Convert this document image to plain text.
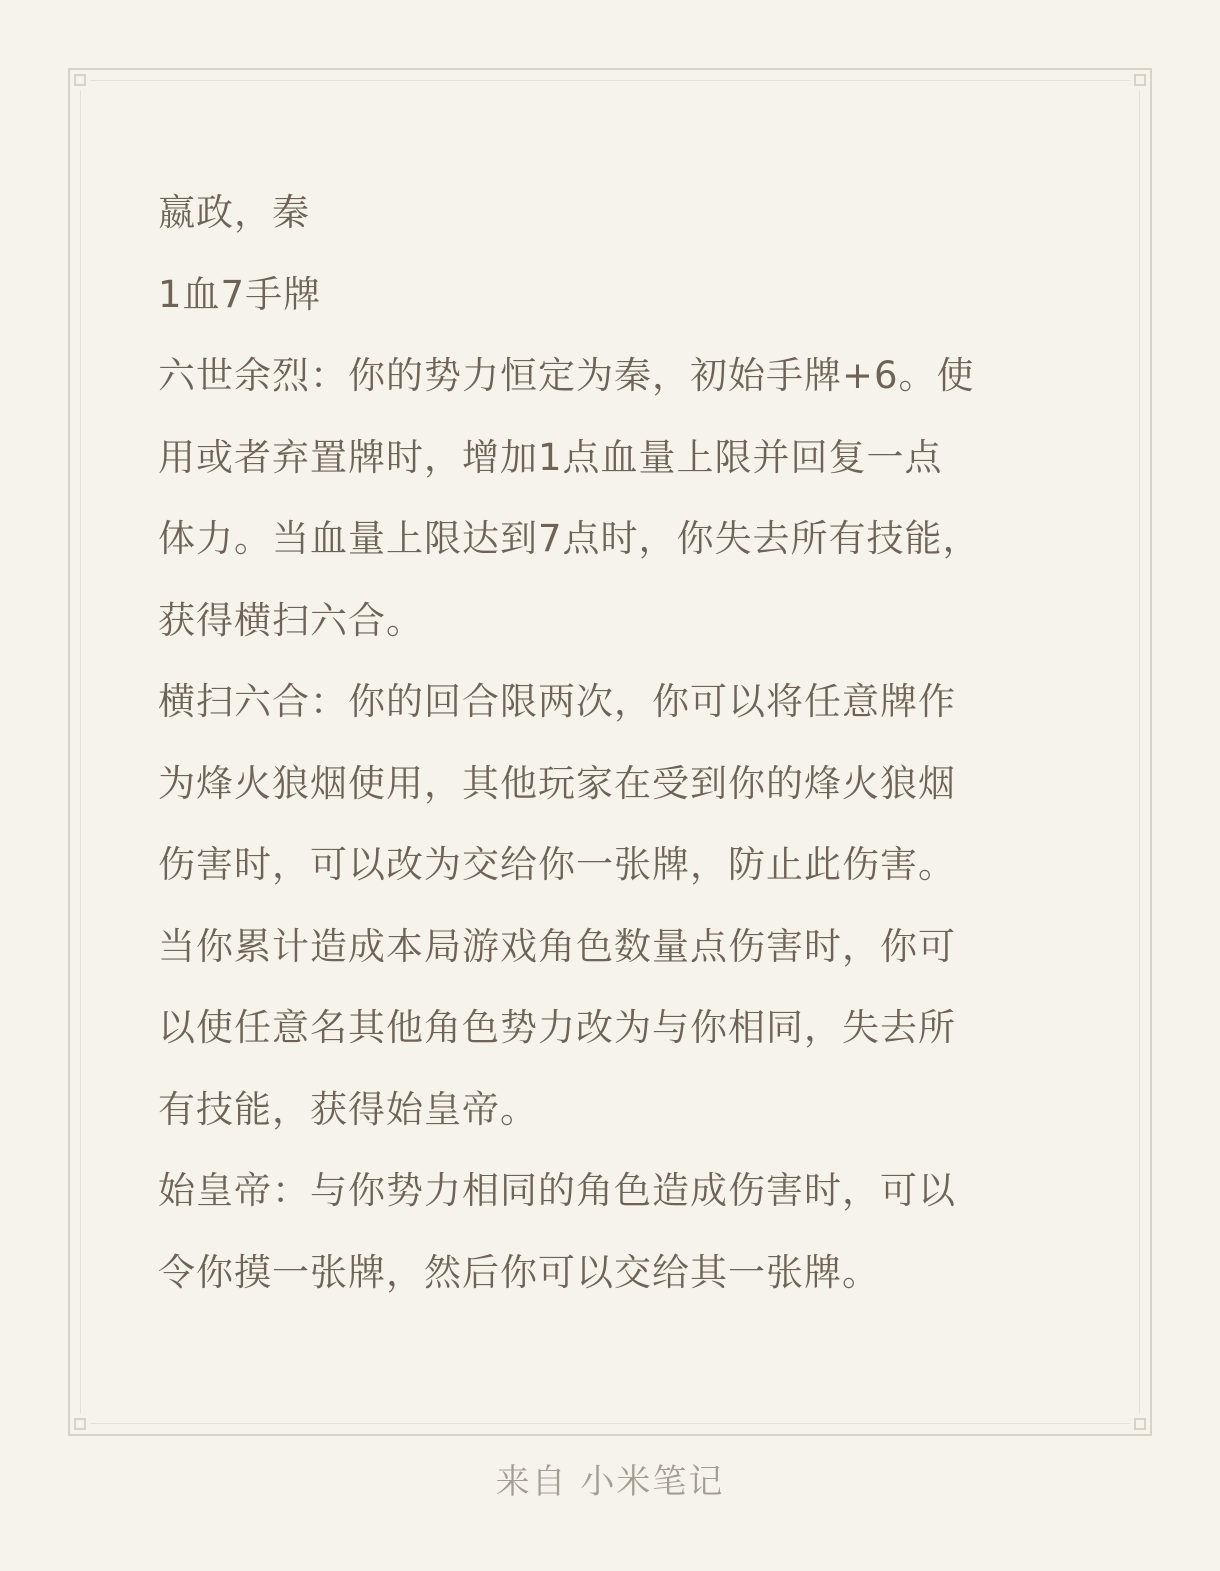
嬴政，秦

1血7手牌

六世余烈：你的势力恒定为秦，初始手牌+6。使

用或者弃置牌时，增加1点血量上限并回复一点

体力。当血量上限达到7点时，你失去所有技能，

获得横扫六合。

横扫六合：你的回合限两次，你可以将任意牌作

为烽火狼烟使用，其他玩家在受到你的烽火狼烟

伤害时，可以改为交给你一张牌，防止此伤害。

当你累计造成本局游戏角色数量点伤害时，你可

以使任意名其他角色势力改为与你相同，失去所

有技能，获得始皇帝。

始皇帝：与你势力相同的角色造成伤害时，可以

令你摸一张牌，然后你可以交给其一张牌。

来自 小米笔记
